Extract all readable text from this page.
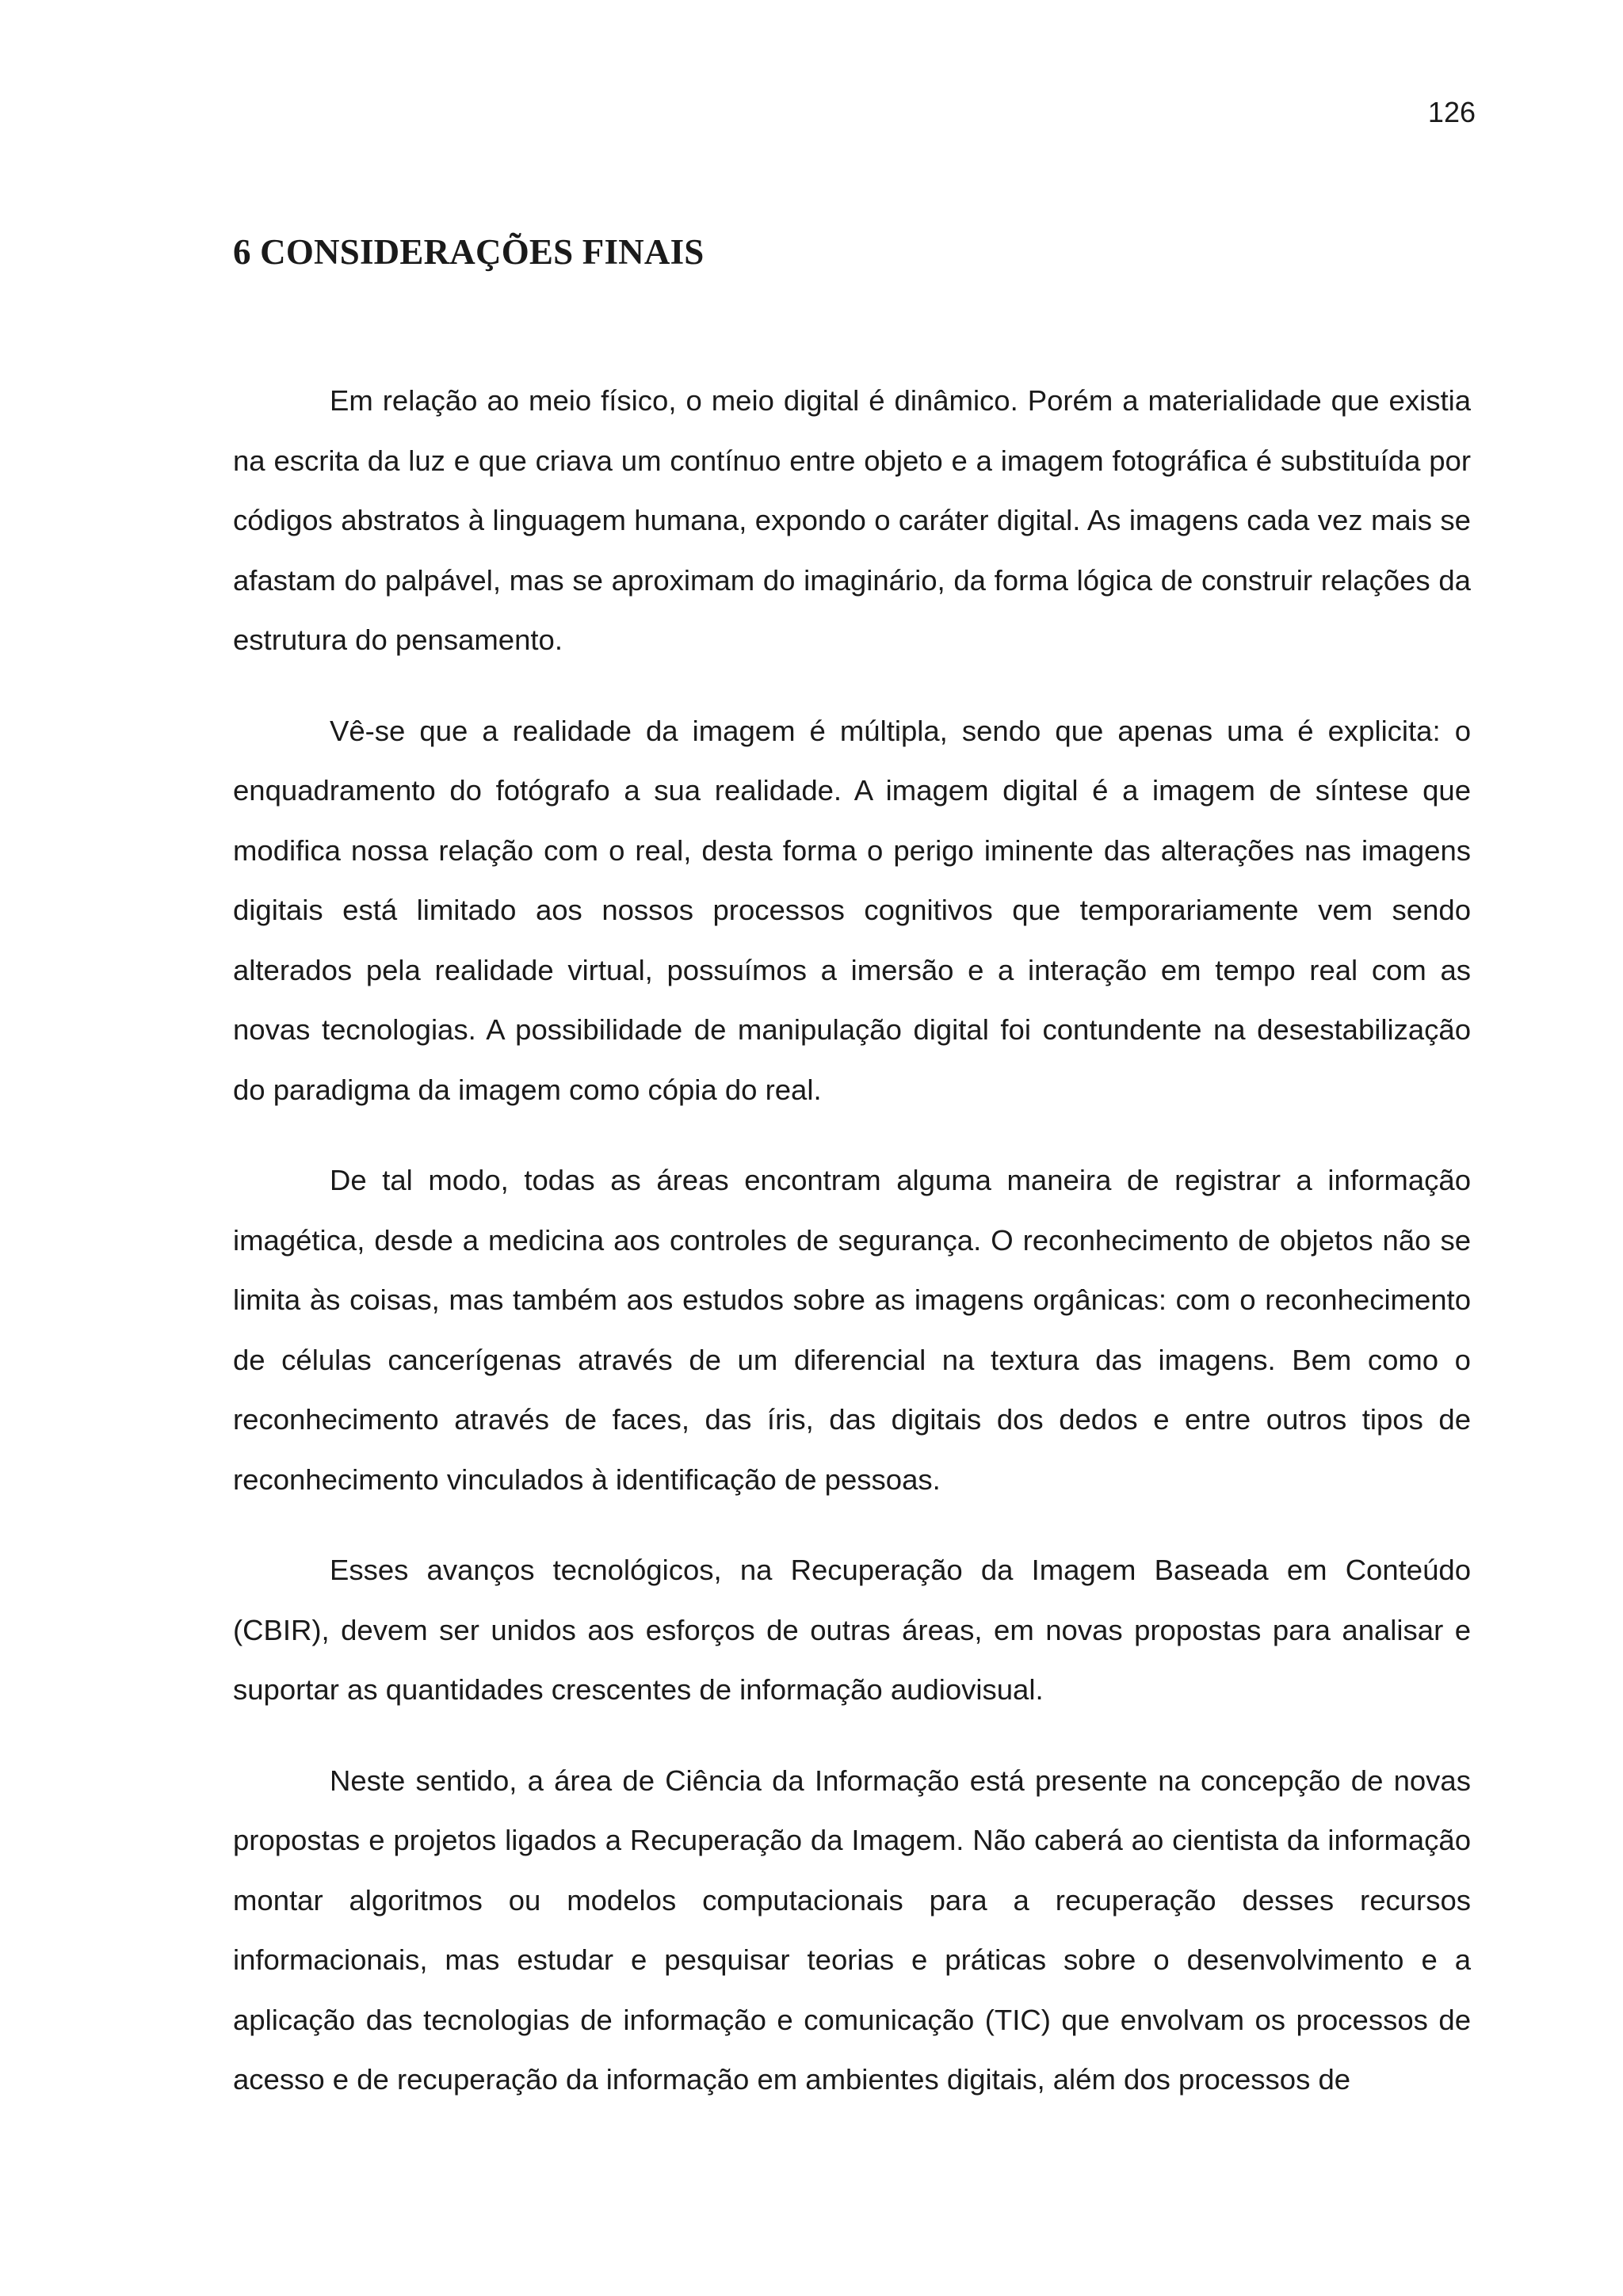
126
6 CONSIDERAÇÕES FINAIS

Em relação ao meio físico, o meio digital é dinâmico. Porém a materialidade que existia na escrita da luz e que criava um contínuo entre objeto e a imagem fotográfica é substituída por códigos abstratos à linguagem humana, expondo o caráter digital. As imagens cada vez mais se afastam do palpável, mas se aproximam do imaginário, da forma lógica de construir relações da estrutura do pensamento.

Vê-se que a realidade da imagem é múltipla, sendo que apenas uma é explicita: o enquadramento do fotógrafo a sua realidade. A imagem digital é a imagem de síntese que modifica nossa relação com o real, desta forma o perigo iminente das alterações nas imagens digitais está limitado aos nossos processos cognitivos que temporariamente vem sendo alterados pela realidade virtual, possuímos a imersão e a interação em tempo real com as novas tecnologias. A possibilidade de manipulação digital foi contundente na desestabilização do paradigma da imagem como cópia do real.

De tal modo, todas as áreas encontram alguma maneira de registrar a informação imagética, desde a medicina aos controles de segurança. O reconhecimento de objetos não se limita às coisas, mas também aos estudos sobre as imagens orgânicas: com o reconhecimento de células cancerígenas através de um diferencial na textura das imagens. Bem como o reconhecimento através de faces, das íris, das digitais dos dedos e entre outros tipos de reconhecimento vinculados à identificação de pessoas.

Esses avanços tecnológicos, na Recuperação da Imagem Baseada em Conteúdo (CBIR), devem ser unidos aos esforços de outras áreas, em novas propostas para analisar e suportar as quantidades crescentes de informação audiovisual.

Neste sentido, a área de Ciência da Informação está presente na concepção de novas propostas e projetos ligados a Recuperação da Imagem. Não caberá ao cientista da informação montar algoritmos ou modelos computacionais para a recuperação desses recursos informacionais, mas estudar e pesquisar teorias e práticas sobre o desenvolvimento e a aplicação das tecnologias de informação e comunicação (TIC) que envolvam os processos de acesso e de recuperação da informação em ambientes digitais, além dos processos de
